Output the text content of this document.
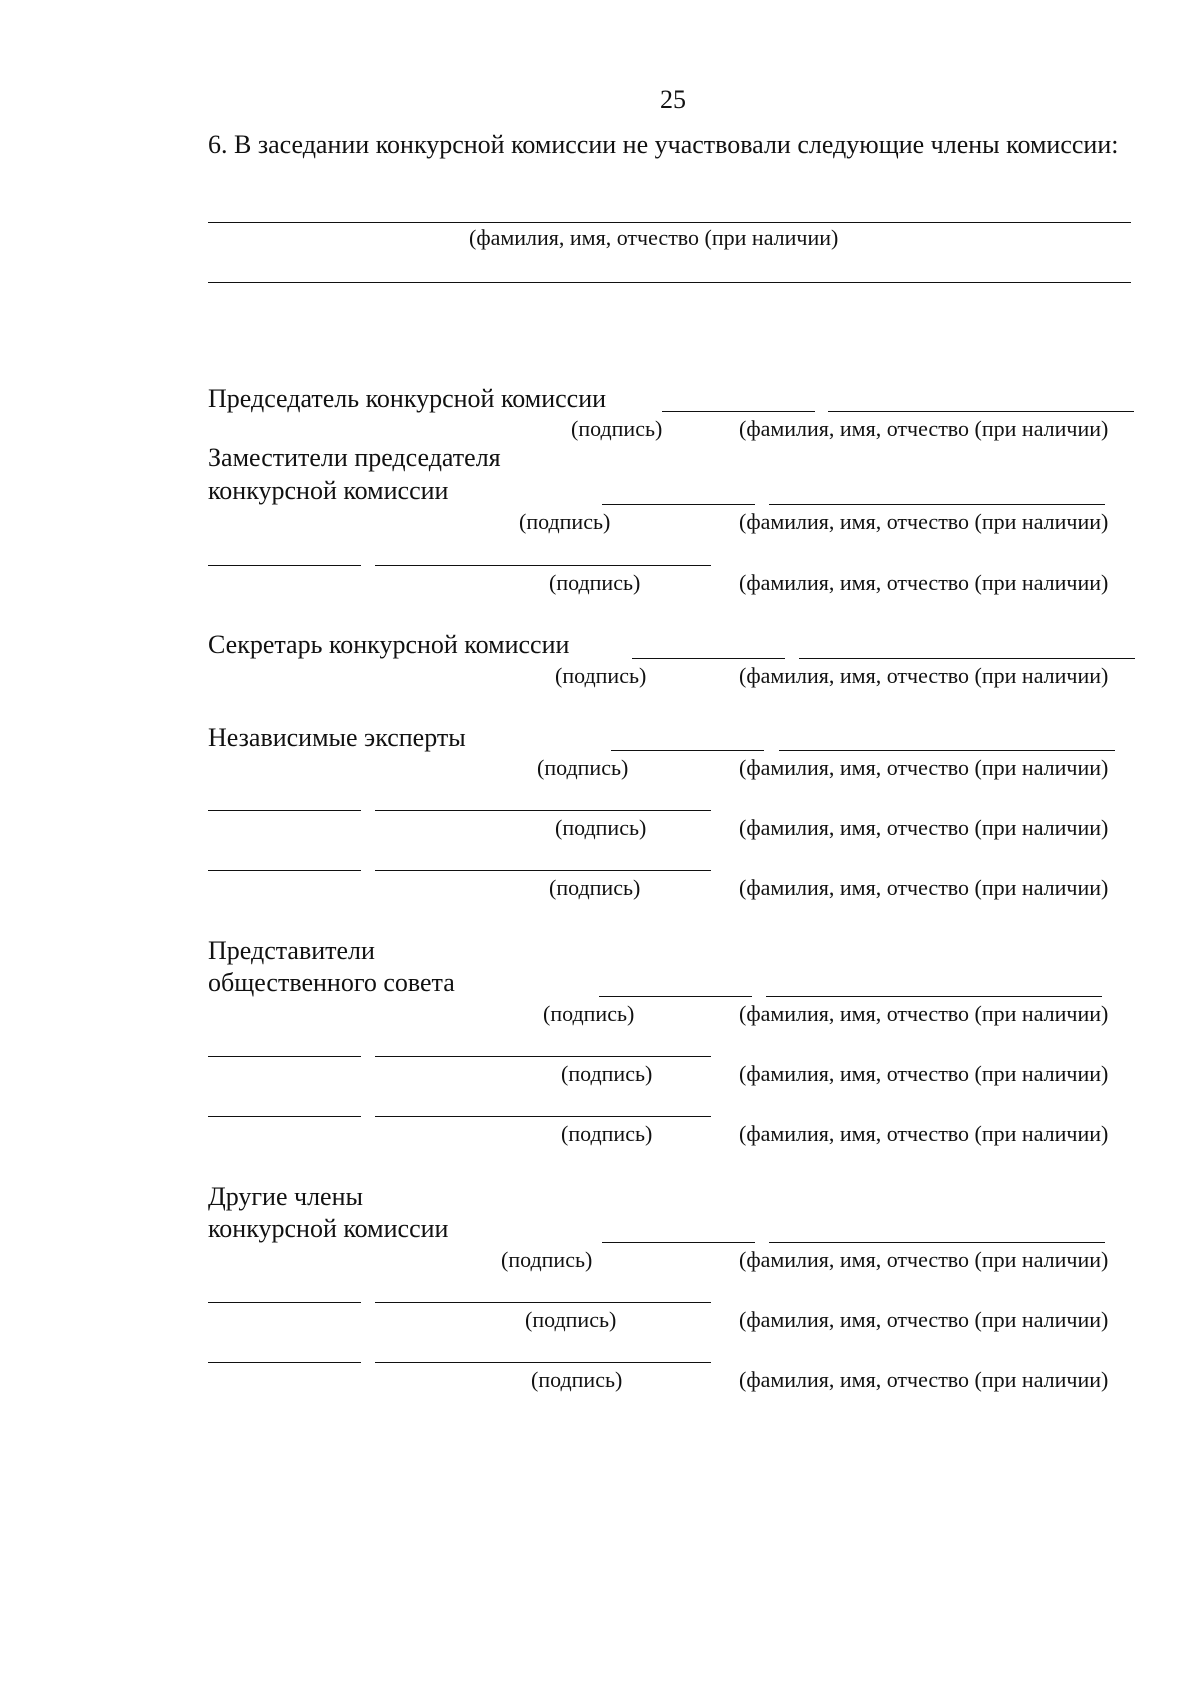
25
6. В заседании конкурсной комиссии не участвовали следующие члены комиссии:
(фамилия, имя, отчество (при наличии)
Председатель конкурсной комиссии
(подпись)	(фамилия, имя, отчество (при наличии)
Заместители председателя
конкурсной комиссии
(подпись)	(фамилия, имя, отчество (при наличии)
(подпись)	(фамилия, имя, отчество (при наличии)
Секретарь конкурсной комиссии
(подпись)	(фамилия, имя, отчество (при наличии)
Независимые эксперты
(подпись)	(фамилия, имя, отчество (при наличии)
(подпись)	(фамилия, имя, отчество (при наличии)
(подпись)	(фамилия, имя, отчество (при наличии)
Представители
общественного совета
(подпись)	(фамилия, имя, отчество (при наличии)
(подпись)	(фамилия, имя, отчество (при наличии)
(подпись)	(фамилия, имя, отчество (при наличии)
Другие члены
конкурсной комиссии
(подпись)	(фамилия, имя, отчество (при наличии)
(подпись)	(фамилия, имя, отчество (при наличии)
(подпись)	(фамилия, имя, отчество (при наличии)
